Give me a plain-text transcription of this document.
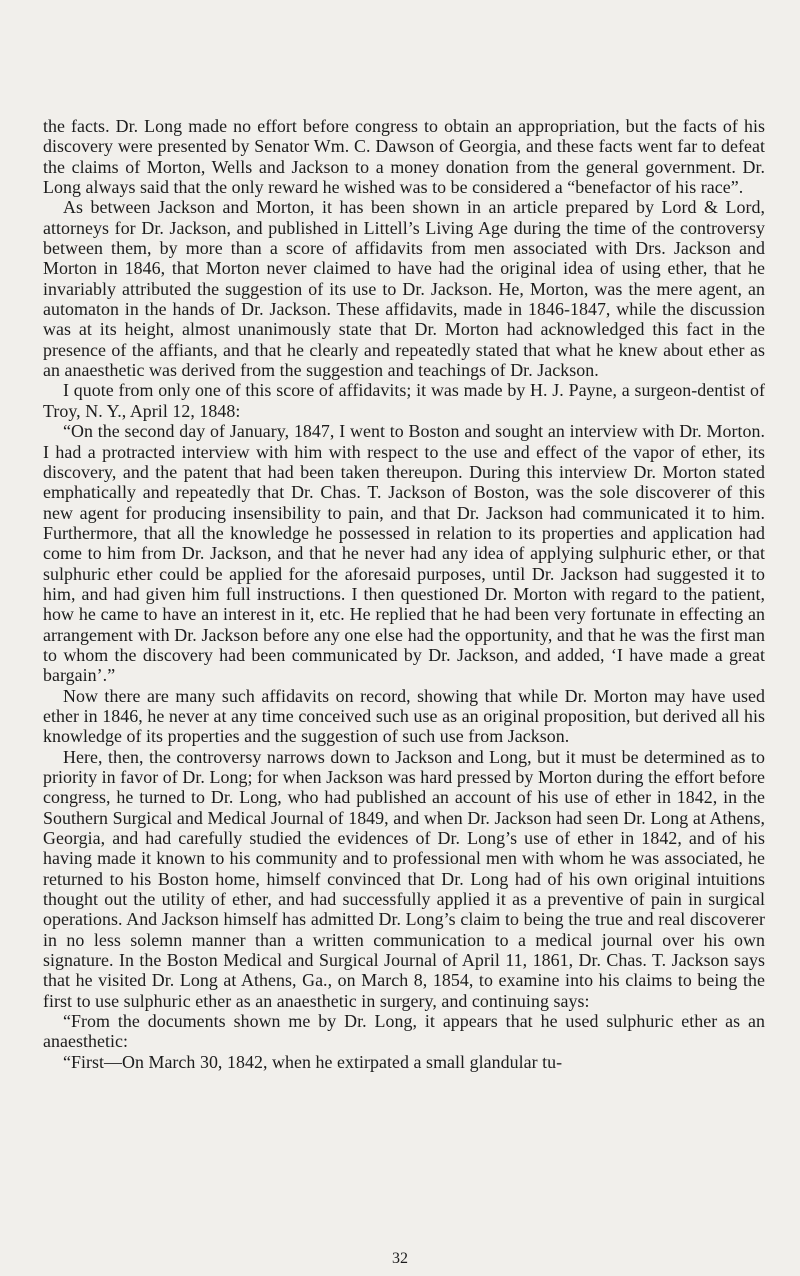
the facts. Dr. Long made no effort before congress to obtain an appropriation, but the facts of his discovery were presented by Senator Wm. C. Dawson of Georgia, and these facts went far to defeat the claims of Morton, Wells and Jackson to a money donation from the general government. Dr. Long always said that the only reward he wished was to be considered a “benefactor of his race”.

As between Jackson and Morton, it has been shown in an article prepared by Lord & Lord, attorneys for Dr. Jackson, and published in Littell’s Living Age during the time of the controversy between them, by more than a score of affidavits from men associated with Drs. Jackson and Morton in 1846, that Morton never claimed to have had the original idea of using ether, that he invariably attributed the suggestion of its use to Dr. Jackson. He, Morton, was the mere agent, an automaton in the hands of Dr. Jackson. These affidavits, made in 1846-1847, while the discussion was at its height, almost unanimously state that Dr. Morton had acknowledged this fact in the presence of the affiants, and that he clearly and repeatedly stated that what he knew about ether as an anaesthetic was derived from the suggestion and teachings of Dr. Jackson.

I quote from only one of this score of affidavits; it was made by H. J. Payne, a surgeon-dentist of Troy, N. Y., April 12, 1848:

“On the second day of January, 1847, I went to Boston and sought an interview with Dr. Morton. I had a protracted interview with him with respect to the use and effect of the vapor of ether, its discovery, and the patent that had been taken thereupon. During this interview Dr. Morton stated emphatically and repeatedly that Dr. Chas. T. Jackson of Boston, was the sole discoverer of this new agent for producing insensibility to pain, and that Dr. Jackson had communicated it to him. Furthermore, that all the knowledge he possessed in relation to its properties and application had come to him from Dr. Jackson, and that he never had any idea of applying sulphuric ether, or that sulphuric ether could be applied for the aforesaid purposes, until Dr. Jackson had suggested it to him, and had given him full instructions. I then questioned Dr. Morton with regard to the patient, how he came to have an interest in it, etc. He replied that he had been very fortunate in effecting an arrangement with Dr. Jackson before any one else had the opportunity, and that he was the first man to whom the discovery had been communicated by Dr. Jackson, and added, ‘I have made a great bargain’.”

Now there are many such affidavits on record, showing that while Dr. Morton may have used ether in 1846, he never at any time conceived such use as an original proposition, but derived all his knowledge of its properties and the suggestion of such use from Jackson.

Here, then, the controversy narrows down to Jackson and Long, but it must be determined as to priority in favor of Dr. Long; for when Jackson was hard pressed by Morton during the effort before congress, he turned to Dr. Long, who had published an account of his use of ether in 1842, in the Southern Surgical and Medical Journal of 1849, and when Dr. Jackson had seen Dr. Long at Athens, Georgia, and had carefully studied the evidences of Dr. Long’s use of ether in 1842, and of his having made it known to his community and to professional men with whom he was associated, he returned to his Boston home, himself convinced that Dr. Long had of his own original intuitions thought out the utility of ether, and had successfully applied it as a preventive of pain in surgical operations. And Jackson himself has admitted Dr. Long’s claim to being the true and real discoverer in no less solemn manner than a written communication to a medical journal over his own signature. In the Boston Medical and Surgical Journal of April 11, 1861, Dr. Chas. T. Jackson says that he visited Dr. Long at Athens, Ga., on March 8, 1854, to examine into his claims to being the first to use sulphuric ether as an anaesthetic in surgery, and continuing says:

“From the documents shown me by Dr. Long, it appears that he used sulphuric ether as an anaesthetic:

“First—On March 30, 1842, when he extirpated a small glandular tu-

32
